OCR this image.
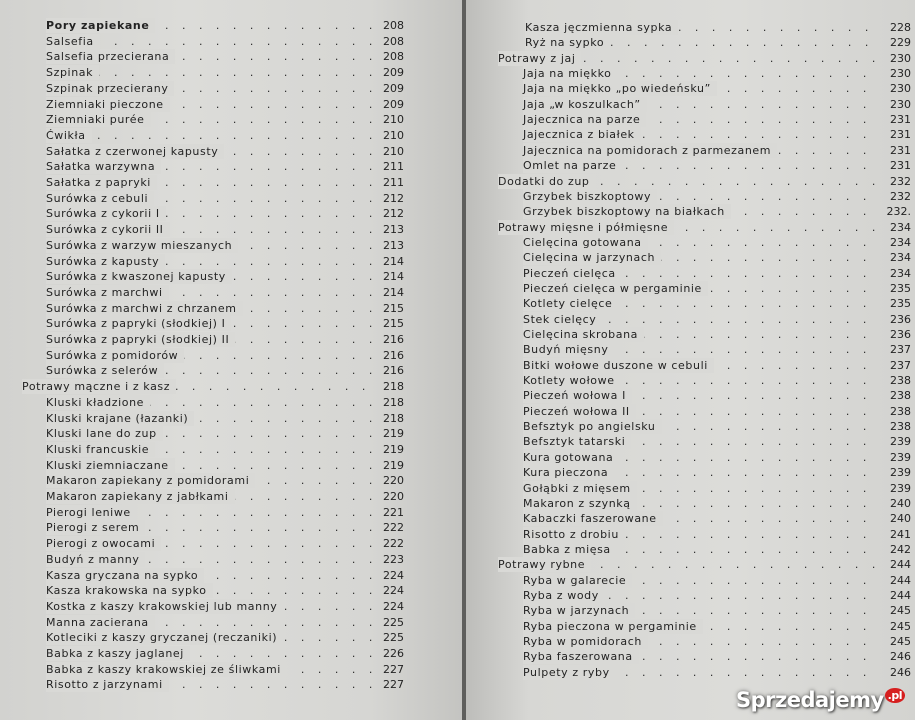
. . .
Pory zapiekane	208
. . .
Salsefia	208
. . .
Salsefia przecierana	208
. . .
Szpinak	209
. . .
Szpinak przecierany	209
. . .
Ziemniaki pieczone	209
. . .
Ziemniaki purée	210
. . .
Ćwikła	210
. . .
Sałatka z czerwonej kapusty	210
. . .
Sałatka warzywna	211
. . .
Sałatka z papryki	211
. . .
Surówka z cebuli	212
. . .
Surówka z cykorii I	212
. . .
Surówka z cykorii II	213
. . .
Surówka z warzyw mieszanych	213
. . .
Surówka z kapusty	214
. . .
Surówka z kwaszonej kapusty	214
. . .
Surówka z marchwi	214
. . .
Surówka z marchwi z chrzanem	215
. . .
Surówka z papryki (słodkiej) I	215
. . .
Surówka z papryki (słodkiej) II	216
. . .
Surówka z pomidorów	216
. . .
Surówka z selerów	216
. . .
Potrawy mączne i z kasz	218
. . .
Kluski kładzione	218
. . .
Kluski krajane (łazanki)	218
. . .
Kluski lane do zup	219
. . .
Kluski francuskie	219
. . .
Kluski ziemniaczane	219
. . .
Makaron zapiekany z pomidorami	220
. . .
Makaron zapiekany z jabłkami	220
. . .
Pierogi leniwe	221
. . .
Pierogi z serem	222
. . .
Pierogi z owocami	222
. . .
Budyń z manny	223
. . .
Kasza gryczana na sypko	224
. . .
Kasza krakowska na sypko	224
. . .
Kostka z kaszy krakowskiej lub manny	224
. . .
Manna zacierana	225
. . .
Kotleciki z kaszy gryczanej (reczaniki)	225
. . .
Babka z kaszy jaglanej	226
. . .
Babka z kaszy krakowskiej ze śliwkami	227
. . .
Risotto z jarzynami	227
. . .
Kasza jęczmienna sypka	228
. . .
Ryż na sypko	229
. . .
Potrawy z jaj	230
. . .
Jaja na miękko	230
. . .
Jaja na miękko „po wiedeńsku”	230
. . .
Jaja „w koszulkach”	230
. . .
Jajecznica na parze	231
. . .
Jajecznica z białek	231
. . .
Jajecznica na pomidorach z parmezanem	231
. . .
Omlet na parze	231
. . .
Dodatki do zup	232
. . .
Grzybek biszkoptowy	232
. . .
Grzybek biszkoptowy na białkach	232.
. . .
Potrawy mięsne i półmięsne	234
. . .
Cielęcina gotowana	234
. . .
Cielęcina w jarzynach	234
. . .
Pieczeń cielęca	234
. . .
Pieczeń cielęca w pergaminie	235
. . .
Kotlety cielęce	235
. . .
Stek cielęcy	236
. . .
Cielęcina skrobana	236
. . .
Budyń mięsny	237
. . .
Bitki wołowe duszone w cebuli	237
. . .
Kotlety wołowe	238
. . .
Pieczeń wołowa I	238
. . .
Pieczeń wołowa II	238
. . .
Befsztyk po angielsku	238
. . .
Befsztyk tatarski	239
. . .
Kura gotowana	239
. . .
Kura pieczona	239
. . .
Gołąbki z mięsem	239
. . .
Makaron z szynką	240
. . .
Kabaczki faszerowane	240
. . .
Risotto z drobiu	241
. . .
Babka z mięsa	242
. . .
Potrawy rybne	244
. . .
Ryba w galarecie	244
. . .
Ryba z wody	244
. . .
Ryba w jarzynach	245
. . .
Ryba pieczona w pergaminie	245
. . .
Ryba w pomidorach	245
. . .
Ryba faszerowana	246
. . .
Pulpety z ryby	246
Sprzedajemy $^{.pl}$
